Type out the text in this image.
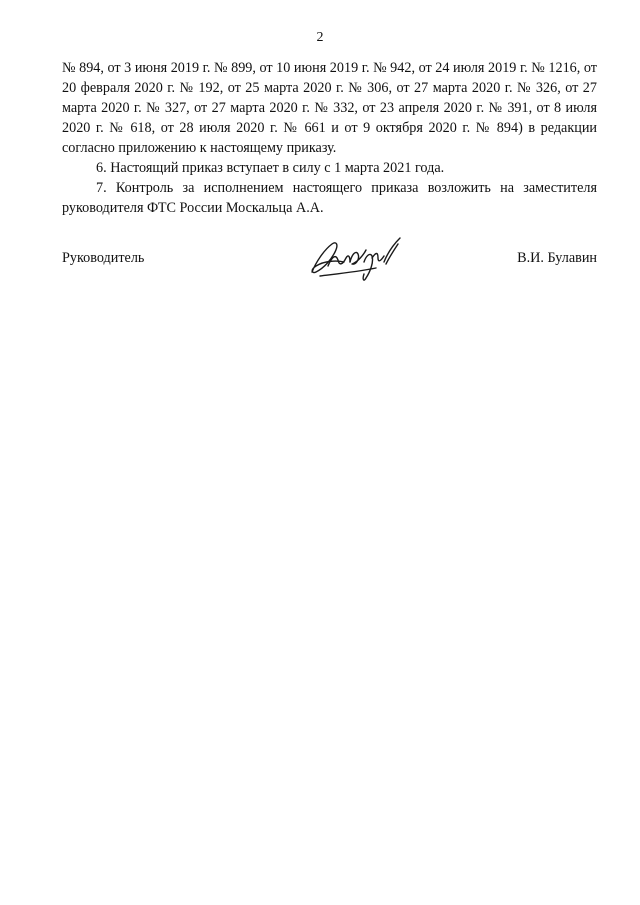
2

№ 894, от 3 июня 2019 г. № 899, от 10 июня 2019 г. № 942, от 24 июля 2019 г. № 1216, от 20 февраля 2020 г. № 192, от 25 марта 2020 г. № 306, от 27 марта 2020 г. № 326, от 27 марта 2020 г. № 327, от 27 марта 2020 г. № 332, от 23 апреля 2020 г. № 391, от 8 июля 2020 г. № 618, от 28 июля 2020 г. № 661 и от 9 октября 2020 г. № 894) в редакции согласно приложению к настоящему приказу.

6. Настоящий приказ вступает в силу с 1 марта 2021 года.

7. Контроль за исполнением настоящего приказа возложить на заместителя руководителя ФТС России Москальца А.А.

Руководитель	В.И. Булавин
